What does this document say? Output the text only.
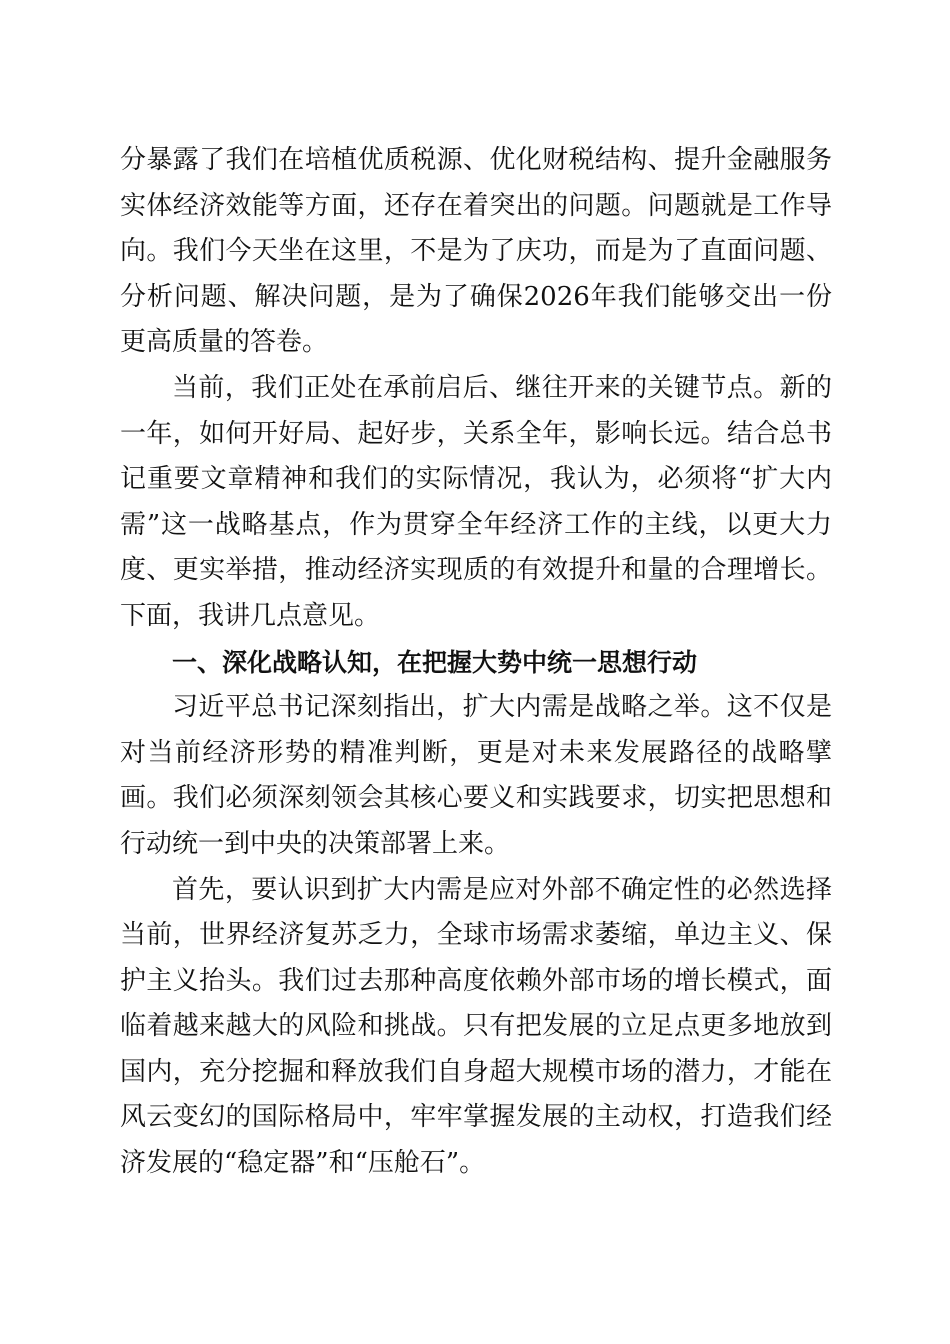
分暴露了我们在培植优质税源、优化财税结构、提升金融服务实体经济效能等方面，还存在着突出的问题。问题就是工作导向。我们今天坐在这里，不是为了庆功，而是为了直面问题、分析问题、解决问题，是为了确保2026年我们能够交出一份更高质量的答卷。

当前，我们正处在承前启后、继往开来的关键节点。新的一年，如何开好局、起好步，关系全年，影响长远。结合总书记重要文章精神和我们的实际情况，我认为，必须将“扩大内需”这一战略基点，作为贯穿全年经济工作的主线，以更大力度、更实举措，推动经济实现质的有效提升和量的合理增长。下面，我讲几点意见。

一、深化战略认知，在把握大势中统一思想行动

习近平总书记深刻指出，扩大内需是战略之举。这不仅是对当前经济形势的精准判断，更是对未来发展路径的战略擘画。我们必须深刻领会其核心要义和实践要求，切实把思想和行动统一到中央的决策部署上来。

首先，要认识到扩大内需是应对外部不确定性的必然选择当前，世界经济复苏乏力，全球市场需求萎缩，单边主义、保护主义抬头。我们过去那种高度依赖外部市场的增长模式，面临着越来越大的风险和挑战。只有把发展的立足点更多地放到国内，充分挖掘和释放我们自身超大规模市场的潜力，才能在风云变幻的国际格局中，牢牢掌握发展的主动权，打造我们经济发展的“稳定器”和“压舱石”。
